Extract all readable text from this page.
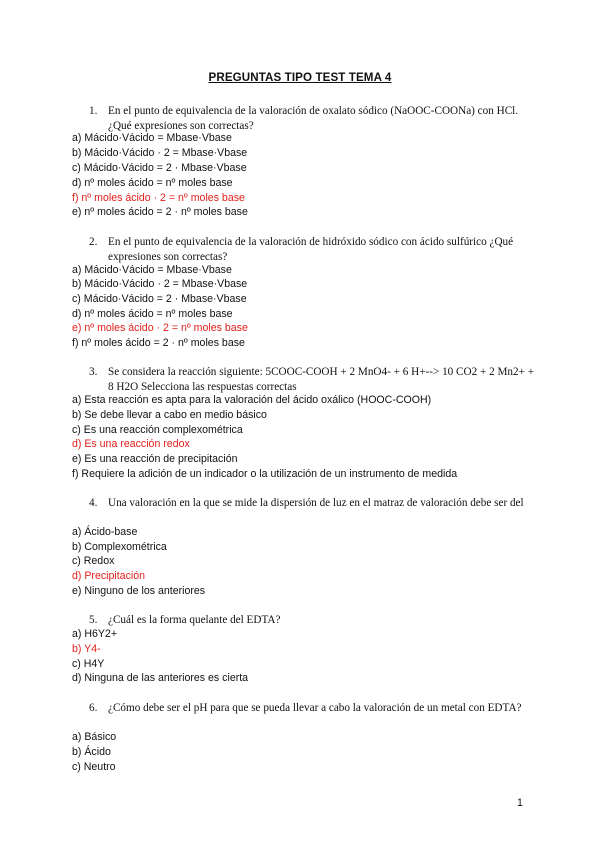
PREGUNTAS TIPO TEST TEMA 4
1. En el punto de equivalencia de la valoración de oxalato sódico (NaOOC-COONa) con HCl. ¿Qué expresiones son correctas?
a) Mácido·Vácido = Mbase·Vbase
b) Mácido·Vácido · 2 = Mbase·Vbase
c) Mácido·Vácido = 2 · Mbase·Vbase
d) nº moles ácido = nº moles base
f) nº moles ácido · 2 = nº moles base
e) nº moles ácido = 2 · nº moles base
2. En el punto de equivalencia de la valoración de hidróxido sódico con ácido sulfúrico ¿Qué expresiones son correctas?
a) Mácido·Vácido = Mbase·Vbase
b) Mácido·Vácido · 2 = Mbase·Vbase
c) Mácido·Vácido = 2 · Mbase·Vbase
d) nº moles ácido = nº moles base
e) nº moles ácido · 2 = nº moles base
f) nº moles ácido = 2 · nº moles base
3. Se considera la reacción siguiente: 5COOC-COOH + 2 MnO4- + 6 H+--> 10 CO2 + 2 Mn2+ + 8 H2O Selecciona las respuestas correctas
a) Esta reacción es apta para la valoración del ácido oxálico (HOOC-COOH)
b) Se debe llevar a cabo en medio básico
c) Es una reacción complexométrica
d) Es una reacción redox
e) Es una reacción de precipitación
f) Requiere la adición de un indicador o la utilización de un instrumento de medida
4. Una valoración en la que se mide la dispersión de luz en el matraz de valoración debe ser del
a) Ácido-base
b) Complexométrica
c) Redox
d) Precipitación
e) Ninguno de los anteriores
5. ¿Cuál es la forma quelante del EDTA?
a) H6Y2+
b) Y4-
c) H4Y
d) Ninguna de las anteriores es cierta
6. ¿Cómo debe ser el pH para que se pueda llevar a cabo la valoración de un metal con EDTA?
a) Básico
b) Ácido
c) Neutro
1
